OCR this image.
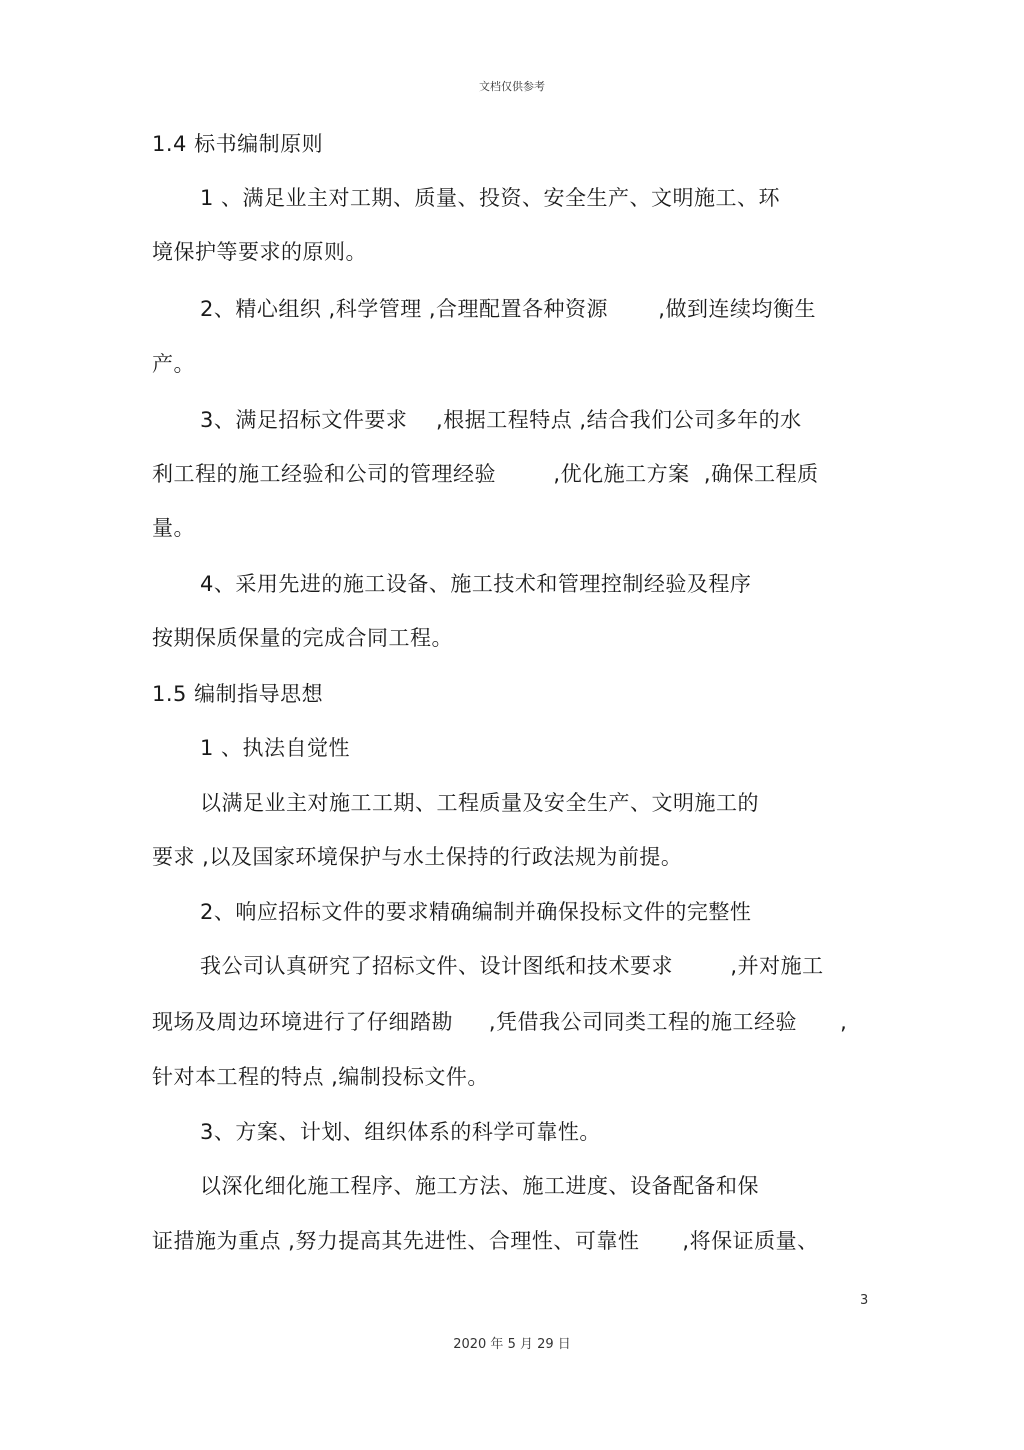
文档仅供参考
1.4 标书编制原则
1 、满足业主对工期、质量、投资、安全生产、文明施工、环
境保护等要求的原则。
2、精心组织 ,科学管理 ,合理配置各种资源       ,做到连续均衡生
产。
3、满足招标文件要求    ,根据工程特点 ,结合我们公司多年的水
利工程的施工经验和公司的管理经验        ,优化施工方案  ,确保工程质
量。
4、采用先进的施工设备、施工技术和管理控制经验及程序
按期保质保量的完成合同工程。
1.5 编制指导思想
1 、执法自觉性
以满足业主对施工工期、工程质量及安全生产、文明施工的
要求 ,以及国家环境保护与水土保持的行政法规为前提。
2、响应招标文件的要求精确编制并确保投标文件的完整性
我公司认真研究了招标文件、设计图纸和技术要求        ,并对施工
现场及周边环境进行了仔细踏勘     ,凭借我公司同类工程的施工经验      ,
针对本工程的特点 ,编制投标文件。
3、方案、计划、组织体系的科学可靠性。
以深化细化施工程序、施工方法、施工进度、设备配备和保
证措施为重点 ,努力提高其先进性、合理性、可靠性      ,将保证质量、
3
2020 年 5 月 29 日
